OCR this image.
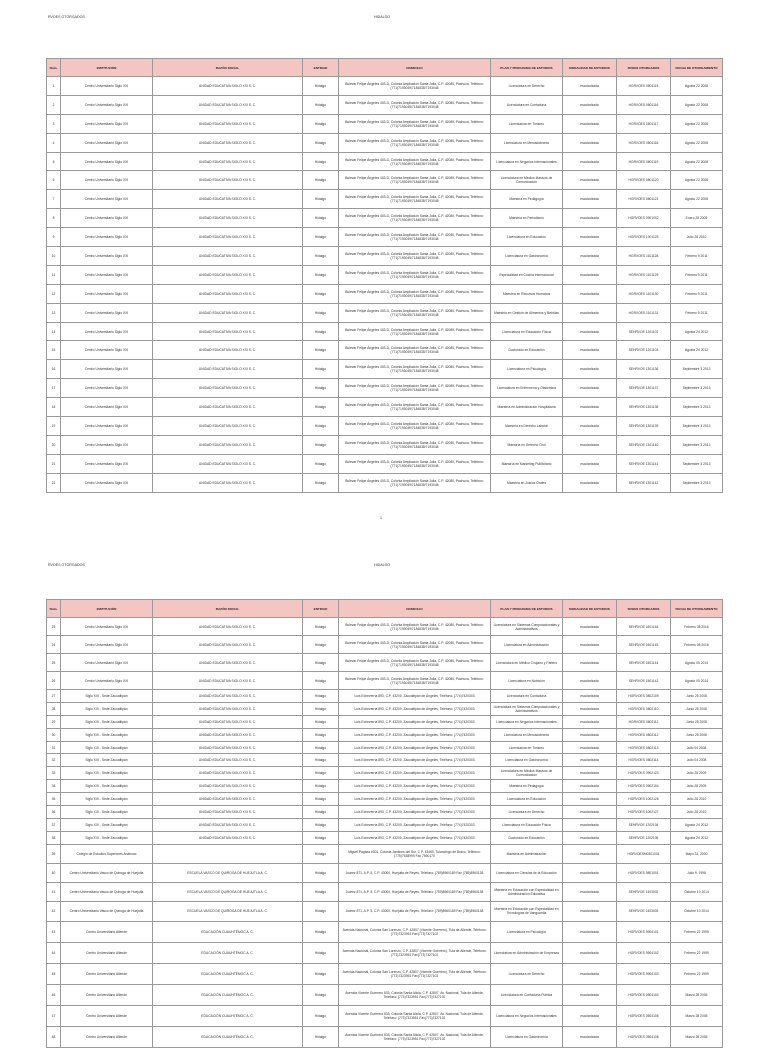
RVOES OTORGADOS	HIDALGO
Núm.	INSTITUCIÓN	RAZÓN SOCIAL	ENTIDAD	DOMICILIO	PLAN Y PROGRAMA DE ESTUDIOS	MODALIDAD DE ESTUDIOS	RVOES OTORGADOS	FECHA DE OTORGAMIENTO
1	Centro Universitario Siglo XXI	UNIDAD EDUCATIVA SIGLO XXI S. C.	Hidalgo	Bulevar Felipe Ángeles 403-D, Colonia Ampliación Santa Julia, C.P. 42080, Pachuca, Teléfono: (771)7193049/7184838/7193048	Licenciatura en Derecho	escolarizada	HGRVOES 0801115	Agosto 22 2008
2	Centro Universitario Siglo XXI	UNIDAD EDUCATIVA SIGLO XXI S. C.	Hidalgo	Bulevar Felipe Ángeles 403-D, Colonia Ampliación Santa Julia, C.P. 42080, Pachuca, Teléfono: (771)7193049/7184838/7193048	Licenciatura en Contaduría	escolarizada	HGRVOES 0801116	Agosto 22 2008
3	Centro Universitario Siglo XXI	UNIDAD EDUCATIVA SIGLO XXI S. C.	Hidalgo	Bulevar Felipe Ángeles 403-D, Colonia Ampliación Santa Julia, C.P. 42080, Pachuca, Teléfono: (771)7193049/7184838/7193048	Licenciatura en Turismo	escolarizada	HGRVOES 0801117	Agosto 22 2008
4	Centro Universitario Siglo XXI	UNIDAD EDUCATIVA SIGLO XXI S. C.	Hidalgo	Bulevar Felipe Ángeles 403-D, Colonia Ampliación Santa Julia, C.P. 42080, Pachuca, Teléfono: (771)7193049/7184838/7193048	Licenciatura en Mercadotecnia	escolarizada	HGRVOES 0801118	Agosto 22 2008
5	Centro Universitario Siglo XXI	UNIDAD EDUCATIVA SIGLO XXI S. C.	Hidalgo	Bulevar Felipe Ángeles 403-D, Colonia Ampliación Santa Julia, C.P. 42080, Pachuca, Teléfono: (771)7193049/7184838/7193048	Licenciatura en Negocios Internacionales	escolarizada	HGRVOES 0801119	Agosto 22 2008
6	Centro Universitario Siglo XXI	UNIDAD EDUCATIVA SIGLO XXI S. C.	Hidalgo	Bulevar Felipe Ángeles 403-D, Colonia Ampliación Santa Julia, C.P. 42080, Pachuca, Teléfono: (771)7193049/7184838/7193048	Licenciatura en Medios Masivos de Comunicación	escolarizada	HGRVOES 0801120	Agosto 22 2008
7	Centro Universitario Siglo XXI	UNIDAD EDUCATIVA SIGLO XXI S. C.	Hidalgo	Bulevar Felipe Ángeles 403-D, Colonia Ampliación Santa Julia, C.P. 42080, Pachuca, Teléfono: (771)7193049/7184838/7193048	Maestría en Pedagogía	escolarizada	HGRVOES 0801121	Agosto 22 2008
8	Centro Universitario Siglo XXI	UNIDAD EDUCATIVA SIGLO XXI S. C.	Hidalgo	Bulevar Felipe Ángeles 403-D, Colonia Ampliación Santa Julia, C.P. 42080, Pachuca, Teléfono: (771)7193049/7184838/7193048	Maestría en Periodismo	escolarizada	HGRVOES 0901002	Enero 28 2009
9	Centro Universitario Siglo XXI	UNIDAD EDUCATIVA SIGLO XXI S. C.	Hidalgo	Bulevar Felipe Ángeles 403-D, Colonia Ampliación Santa Julia, C.P. 42080, Pachuca, Teléfono: (771)7193049/7184838/7193048	Licenciatura en Educación	escolarizada	HGRVOES 1001125	Julio 28 2010
10	Centro Universitario Siglo XXI	UNIDAD EDUCATIVA SIGLO XXI S. C.	Hidalgo	Bulevar Felipe Ángeles 403-D, Colonia Ampliación Santa Julia, C.P. 42080, Pachuca, Teléfono: (771)7193049/7184838/7193048	Licenciatura en Gastronomía	escolarizada	HGRVOES 1101128	Febrero 9 2011
11	Centro Universitario Siglo XXI	UNIDAD EDUCATIVA SIGLO XXI S. C.	Hidalgo	Bulevar Felipe Ángeles 403-D, Colonia Ampliación Santa Julia, C.P. 42080, Pachuca, Teléfono: (771)7193049/7184838/7193048	Especialidad en Cocina Internacional	escolarizada	HGRVOES 1101129	Febrero 9 2011
12	Centro Universitario Siglo XXI	UNIDAD EDUCATIVA SIGLO XXI S. C.	Hidalgo	Bulevar Felipe Ángeles 403-D, Colonia Ampliación Santa Julia, C.P. 42080, Pachuca, Teléfono: (771)7193049/7184838/7193048	Maestría en Recursos Humanos	escolarizada	HGRVOES 1101130	Febrero 9 2011
13	Centro Universitario Siglo XXI	UNIDAD EDUCATIVA SIGLO XXI S. C.	Hidalgo	Bulevar Felipe Ángeles 403-D, Colonia Ampliación Santa Julia, C.P. 42080, Pachuca, Teléfono: (771)7193049/7184838/7193048	Maestría en Gestión de Alimentos y Bebidas	escolarizada	HGRVOES 1101131	Febrero 9 2011
14	Centro Universitario Siglo XXI	UNIDAD EDUCATIVA SIGLO XXI S. C.	Hidalgo	Bulevar Felipe Ángeles 403-D, Colonia Ampliación Santa Julia, C.P. 42080, Pachuca, Teléfono: (771)7193049/7184838/7193048	Licenciatura en Educación Física	escolarizada	SEHRVOE 1201102	Agosto 24 2012
15	Centro Universitario Siglo XXI	UNIDAD EDUCATIVA SIGLO XXI S. C.	Hidalgo	Bulevar Felipe Ángeles 403-D, Colonia Ampliación Santa Julia, C.P. 42080, Pachuca, Teléfono: (771)7193049/7184838/7193048	Doctorado en Educación	escolarizada	SEHRVOE 1201103	Agosto 24 2012
16	Centro Universitario Siglo XXI	UNIDAD EDUCATIVA SIGLO XXI S. C.	Hidalgo	Bulevar Felipe Ángeles 403-D, Colonia Ampliación Santa Julia, C.P. 42080, Pachuca, Teléfono: (771)7193049/7184838/7193048	Licenciatura en Psicología	escolarizada	SEHRVOE 1301136	Septiembre 3 2013
17	Centro Universitario Siglo XXI	UNIDAD EDUCATIVA SIGLO XXI S. C.	Hidalgo	Bulevar Felipe Ángeles 403-D, Colonia Ampliación Santa Julia, C.P. 42080, Pachuca, Teléfono: (771)7193049/7184838/7193048	Licenciatura en Enfermería y Obstetricia	escolarizada	SEHRVOE 1301137	Septiembre 3 2013
18	Centro Universitario Siglo XXI	UNIDAD EDUCATIVA SIGLO XXI S. C.	Hidalgo	Bulevar Felipe Ángeles 403-D, Colonia Ampliación Santa Julia, C.P. 42080, Pachuca, Teléfono: (771)7193049/7184838/7193048	Maestría en Administración Hospitalaria	escolarizada	SEHRVOE 1301138	Septiembre 3 2013
19	Centro Universitario Siglo XXI	UNIDAD EDUCATIVA SIGLO XXI S. C.	Hidalgo	Bulevar Felipe Ángeles 403-D, Colonia Ampliación Santa Julia, C.P. 42080, Pachuca, Teléfono: (771)7193049/7184838/7193048	Maestría en Derecho Laboral	escolarizada	SEHRVOE 1301139	Septiembre 3 2013
20	Centro Universitario Siglo XXI	UNIDAD EDUCATIVA SIGLO XXI S. C.	Hidalgo	Bulevar Felipe Ángeles 403-D, Colonia Ampliación Santa Julia, C.P. 42080, Pachuca, Teléfono: (771)7193049/7184838/7193048	Maestría en Derecho Civil	escolarizada	SEHRVOE 1301140	Septiembre 3 2013
21	Centro Universitario Siglo XXI	UNIDAD EDUCATIVA SIGLO XXI S. C.	Hidalgo	Bulevar Felipe Ángeles 403-D, Colonia Ampliación Santa Julia, C.P. 42080, Pachuca, Teléfono: (771)7193049/7184838/7193048	Maestría en Marketing Publicitario	escolarizada	SEHRVOE 1301141	Septiembre 3 2013
22	Centro Universitario Siglo XXI	UNIDAD EDUCATIVA SIGLO XXI S. C.	Hidalgo	Bulevar Felipe Ángeles 403-D, Colonia Ampliación Santa Julia, C.P. 42080, Pachuca, Teléfono: (771)7193049/7184838/7193048	Maestría en Juicios Orales	escolarizada	SEHRVOE 1301142	Septiembre 3 2013
1
RVOES OTORGADOS	HIDALGO
Núm.	INSTITUCIÓN	RAZÓN SOCIAL	ENTIDAD	DOMICILIO	PLAN Y PROGRAMA DE ESTUDIOS	MODALIDAD DE ESTUDIOS	RVOES OTORGADOS	FECHA DE OTORGAMIENTO
23	Centro Universitario Siglo XXI	UNIDAD EDUCATIVA SIGLO XXI S. C.	Hidalgo	Bulevar Felipe Ángeles 403-D, Colonia Ampliación Santa Julia, C.P. 42080, Pachuca, Teléfono: (771)7193049/7184838/7193048	Licenciatura en Sistemas Computacionales y Administrativos	escolarizada	SEHRVOE 1601146	Febrero 08 2016
24	Centro Universitario Siglo XXI	UNIDAD EDUCATIVA SIGLO XXI S. C.	Hidalgo	Bulevar Felipe Ángeles 403-D, Colonia Ampliación Santa Julia, C.P. 42080, Pachuca, Teléfono: (771)7193049/7184838/7193048	Licenciatura en Administración	escolarizada	SEHRVOE 1601145	Febrero 08 2016
25	Centro Universitario Siglo XXI	UNIDAD EDUCATIVA SIGLO XXI S. C.	Hidalgo	Bulevar Felipe Ángeles 403-D, Colonia Ampliación Santa Julia, C.P. 42080, Pachuca, Teléfono: (771)7193049/7184838/7193048	Licenciatura en Médico Cirujano y Partero	escolarizada	SEHRVOE 1501144	Agosto 05 2014
26	Centro Universitario Siglo XXI	UNIDAD EDUCATIVA SIGLO XXI S. C.	Hidalgo	Bulevar Felipe Ángeles 403-D, Colonia Ampliación Santa Julia, C.P. 42080, Pachuca, Teléfono: (771)7193049/7184838/7193048	Licenciatura en Nutrición	escolarizada	SEHRVOE 1501143	Agosto 05 2014
27	Siglo XXI - Sede Zacualtipán	UNIDAD EDUCATIVA SIGLO XXI S. C.	Hidalgo	Luis Echeverría 893, C.P. 43200, Zacualtipán de Ángeles, Teléfono: (774)7420303	Licenciatura en Contaduría	escolarizada	HGRVOES 0802109	Junio 25 2008
28	Siglo XXI - Sede Zacualtipán	UNIDAD EDUCATIVA SIGLO XXI S. C.	Hidalgo	Luis Echeverría 893, C.P. 43200, Zacualtipán de Ángeles, Teléfono: (774)7420303	Licenciatura en Sistemas Computacionales y Administrativos	escolarizada	HGRVOES 0802110	Junio 25 2008
29	Siglo XXI - Sede Zacualtipán	UNIDAD EDUCATIVA SIGLO XXI S. C.	Hidalgo	Luis Echeverría 893, C.P. 43200, Zacualtipán de Ángeles, Teléfono: (774)7420303	Licenciatura en Negocios Internacionales	escolarizada	HGRVOES 0802111	Junio 25 2008
30	Siglo XXI - Sede Zacualtipán	UNIDAD EDUCATIVA SIGLO XXI S. C.	Hidalgo	Luis Echeverría 893, C.P. 43200, Zacualtipán de Ángeles, Teléfono: (774)7420303	Licenciatura en Mercadotecnia	escolarizada	HGRVOES 0802112	Junio 25 2008
31	Siglo XXI - Sede Zacualtipán	UNIDAD EDUCATIVA SIGLO XXI S. C.	Hidalgo	Luis Echeverría 893, C.P. 43200, Zacualtipán de Ángeles, Teléfono: (774)7420303	Licenciatura en Turismo	escolarizada	HGRVOES 0802113	Julio 04 2008
32	Siglo XXI - Sede Zacualtipán	UNIDAD EDUCATIVA SIGLO XXI S. C.	Hidalgo	Luis Echeverría 893, C.P. 43200, Zacualtipán de Ángeles, Teléfono: (774)7420303	Licenciatura en Gastronomía	escolarizada	HGRVOES 0802114	Julio 04 2008
33	Siglo XXI - Sede Zacualtipán	UNIDAD EDUCATIVA SIGLO XXI S. C.	Hidalgo	Luis Echeverría 893, C.P. 43200, Zacualtipán de Ángeles, Teléfono: (774)7420303	Licenciatura en Medios Masivos de Comunicación	escolarizada	HGRVOES 0902123	Julio 28 2009
34	Siglo XXI - Sede Zacualtipán	UNIDAD EDUCATIVA SIGLO XXI S. C.	Hidalgo	Luis Echeverría 893, C.P. 43200, Zacualtipán de Ángeles, Teléfono: (774)7420303	Maestría en Pedagogía	escolarizada	HGRVOES 0902104	Julio 28 2009
35	Siglo XXI - Sede Zacualtipán	UNIDAD EDUCATIVA SIGLO XXI S. C.	Hidalgo	Luis Echeverría 893, C.P. 43200, Zacualtipán de Ángeles, Teléfono: (774)7420303	Licenciatura en Educación	escolarizada	HGRVOES 1002126	Julio 28 2010
36	Siglo XXI - Sede Zacualtipán	UNIDAD EDUCATIVA SIGLO XXI S. C.	Hidalgo	Luis Echeverría 893, C.P. 43200, Zacualtipán de Ángeles, Teléfono: (774)7420303	Licenciatura en Derecho	escolarizada	HGRVOES 1002127	Julio 28 2010
37	Siglo XXI - Sede Zacualtipán	UNIDAD EDUCATIVA SIGLO XXI S. C.	Hidalgo	Luis Echeverría 893, C.P. 43200, Zacualtipán de Ángeles, Teléfono: (774)7420303	Licenciatura en Educación Física	escolarizada	SEHRVOE 1202104	Agosto 24 2012
38	Siglo XXI - Sede Zacualtipán	UNIDAD EDUCATIVA SIGLO XXI S. C.	Hidalgo	Luis Echeverría 893, C.P. 43200, Zacualtipán de Ángeles, Teléfono: (774)7420303	Doctorado en Educación	escolarizada	SEHRVOE 1202105	Agosto 24 2012
39	Colegio de Estudios Superiores Anáhuac		Hidalgo	Miguel Pagaza #301, Colonia Jardines del Sur, C.P. 43460, Tulancingo de Bravo, Teléfono: (775)7538999 Fax 7550170	Maestría en Administración	escolarizada	HGRVOESM0301001	Mayo 31, 2000
40	Centro Universitario Vasco de Quiroga de Huejutla	ESCUELA VASCO DE QUIROGA DE HUEJUTLA A. C.	Hidalgo	Juárez 871, A.P. 5, C.P. 43000, Huejutla de Reyes, Teléfono: (789)8960189 Fax (789)8960138	Licenciatura en Ciencias de la Educación	escolarizada	HGRVOES 9801001	Julio 9, 1998
41	Centro Universitario Vasco de Quiroga de Huejutla	ESCUELA VASCO DE QUIROGA DE HUEJUTLA A. C.	Hidalgo	Juárez 871, A.P. 5, C.P. 43000, Huejutla de Reyes, Teléfono: (789)8960189 Fax (789)8960138	Maestría en Educación con Especialidad en Administración Educativa	escolarizada	SEHRVOE 1403002	Octubre 10 2014
42	Centro Universitario Vasco de Quiroga de Huejutla	ESCUELA VASCO DE QUIROGA DE HUEJUTLA A. C.	Hidalgo	Juárez 871, A.P. 5, C.P. 43000, Huejutla de Reyes, Teléfono: (789)8960189 Fax (789)8960138	Maestría en Educación con Especialidad en Tecnologías de Vanguardia	escolarizada	SEHRVOE 1403003	Octubre 10 2014
43	Centro Universitario Allende	EDUCACIÓN CUAUHTÉMOC A. C.	Hidalgo	Avenida Nacional, Colonia San Lorenzo, C.P. 42807 (Vicente Guerrero), Tula de Allende, Teléfono: (773)7323951 Fax(773)7327102	Licenciatura en Psicología	escolarizada	HGRVOES 9904101	Febrero 22 1999
44	Centro Universitario Allende	EDUCACIÓN CUAUHTÉMOC A. C.	Hidalgo	Avenida Nacional, Colonia San Lorenzo, C.P. 42807 (Vicente Guerrero), Tula de Allende, Teléfono: (773)7323951 Fax(773)7327102	Licenciatura en Administración de Empresas	escolarizada	HGRVOES 9904102	Febrero 22 1999
45	Centro Universitario Allende	EDUCACIÓN CUAUHTÉMOC A. C.	Hidalgo	Avenida Nacional, Colonia San Lorenzo, C.P. 42807 (Vicente Guerrero), Tula de Allende, Teléfono: (773)7323951 Fax(773)7327102	Licenciatura en Derecho	escolarizada	HGRVOES 9904103	Febrero 22 1999
46	Centro Universitario Allende	EDUCACIÓN CUAUHTÉMOC A. C.	Hidalgo	Avenida Vicente Guerrero 833, Colonia Santa Alicia, C.P. 42807, Av. Nacional, Tula de Allende, Teléfono: (773)7323951 Fax(773)7327102	Licenciatura en Contaduría Pública	escolarizada	HGRVOES 0504104	Marzo 28 2005
47	Centro Universitario Allende	EDUCACIÓN CUAUHTÉMOC A. C.	Hidalgo	Avenida Vicente Guerrero 833, Colonia Santa Alicia, C.P. 42807, Av. Nacional, Tula de Allende, Teléfono: (773)7323951 Fax(773)7327102	Licenciatura en Negocios Internacionales	escolarizada	HGRVOES 0504105	Marzo 28 2005
48	Centro Universitario Allende	EDUCACIÓN CUAUHTÉMOC A. C.	Hidalgo	Avenida Vicente Guerrero 833, Colonia Santa Alicia, C.P. 42807, Av. Nacional, Tula de Allende, Teléfono: (773)7323951 Fax(773)7327102	Licenciatura en Gastronomía	escolarizada	HGRVOES 0504106	Marzo 28 2005
